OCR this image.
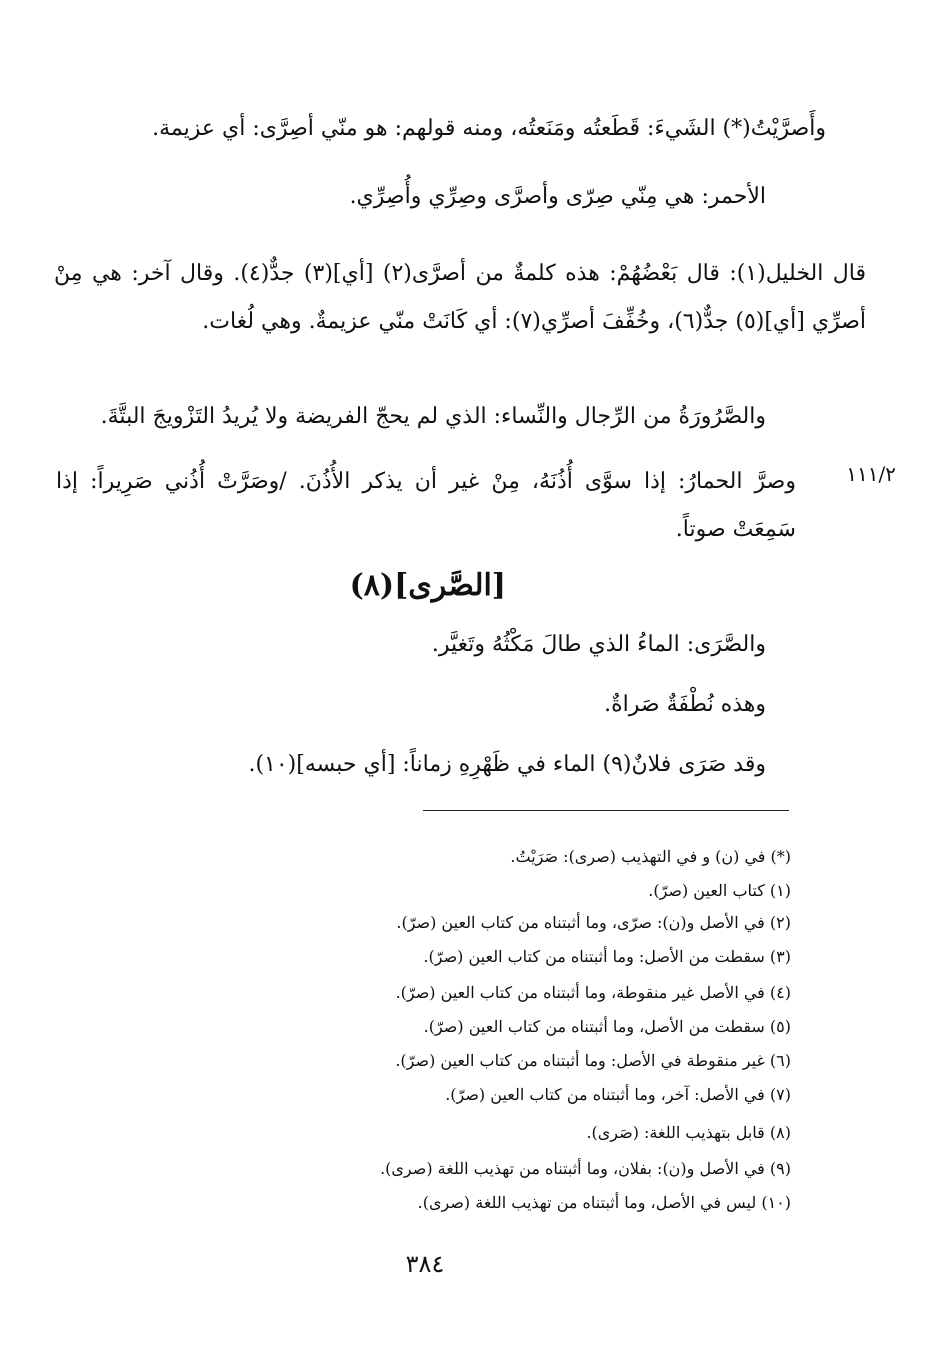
وأَصرَّيْتُ(*) الشَيءَ: قَطَعتُه ومَنَعتُه، ومنه قولهم: هو منّي أصِرَّى: أي عزيمة.
الأحمر: هي مِنّي صِرّى وأصرَّى وصِرِّي وأُصِرِّي.
قال الخليل(١): قال بَعْضُهُمْ: هذه كلمةٌ من أصرَّى(٢) [أي](٣) جدٌّ(٤). وقال آخر: هي مِنْ أصرِّي [أي](٥) جدٌّ(٦)، وخُفِّفَ أصرِّي(٧): أي كَانَتْ منّي عزيمةٌ. وهي لُغات.
والصَّرُورَةُ من الرِّجال والنِّساء: الذي لم يحجّ الفريضة ولا يُريدُ التَزْويجَ البتَّةَ.
١١١/٢
وصرَّ الحمارُ: إذا سوَّى أُذُنَهُ، مِنْ غير أن يذكر الأُذُنَ. /وصَرَّتْ أُذُني صَرِيراً: إذا سَمِعَتْ صوتاً.
[الصَّرى](٨)
والصَّرَى: الماءُ الذي طالَ مَكْثُهُ وتَغيَّر.
وهذه نُطْفَةٌ صَراةٌ.
وقد صَرَى فلانٌ(٩) الماء في ظَهْرِهِ زماناً: [أي حبسه](١٠).
(*) في (ن) و في التهذيب (صرى): صَرَيْتُ.
(١) كتاب العين (صرّ).
(٢) في الأصل و(ن): صرّى، وما أثبتناه من كتاب العين (صرّ).
(٣) سقطت من الأصل: وما أثبتناه من كتاب العين (صرّ).
(٤) في الأصل غير منقوطة، وما أثبتناه من كتاب العين (صرّ).
(٥) سقطت من الأصل، وما أثبتناه من كتاب العين (صرّ).
(٦) غير منقوطة في الأصل: وما أثبتناه من كتاب العين (صرّ).
(٧) في الأصل: آخر، وما أثبتناه من كتاب العين (صرّ).
(٨) قابل بتهذيب اللغة: (صَرى).
(٩) في الأصل و(ن): بفلان، وما أثبتناه من تهذيب اللغة (صرى).
(١٠) ليس في الأصل، وما أثبتناه من تهذيب اللغة (صرى).
٣٨٤
